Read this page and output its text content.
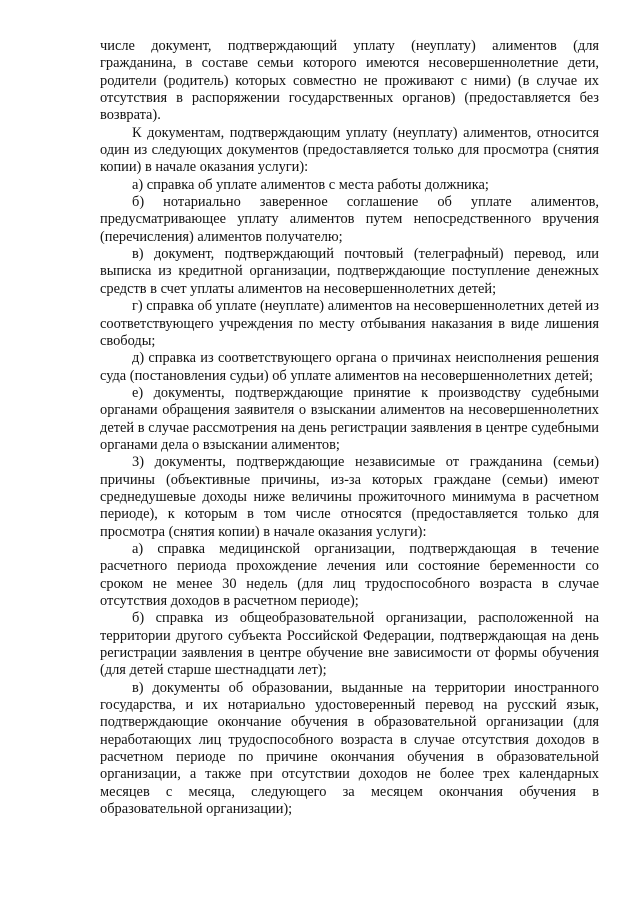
числе документ, подтверждающий уплату (неуплату) алиментов (для гражданина, в составе семьи которого имеются несовершеннолетние дети, родители (родитель) которых совместно не проживают с ними) (в случае их отсутствия в распоряжении государственных органов) (предоставляется без возврата).

К документам, подтверждающим уплату (неуплату) алиментов, относится один из следующих документов (предоставляется только для просмотра (снятия копии) в начале оказания услуги):

а) справка об уплате алиментов с места работы должника;

б) нотариально заверенное соглашение об уплате алиментов, предусматривающее уплату алиментов путем непосредственного вручения (перечисления) алиментов получателю;

в) документ, подтверждающий почтовый (телеграфный) перевод, или выписка из кредитной организации, подтверждающие поступление денежных средств в счет уплаты алиментов на несовершеннолетних детей;

г) справка об уплате (неуплате) алиментов на несовершеннолетних детей из соответствующего учреждения по месту отбывания наказания в виде лишения свободы;

д) справка из соответствующего органа о причинах неисполнения решения суда (постановления судьи) об уплате алиментов на несовершеннолетних детей;

е) документы, подтверждающие принятие к производству судебными органами обращения заявителя о взыскании алиментов на несовершеннолетних детей в случае рассмотрения на день регистрации заявления в центре судебными органами дела о взыскании алиментов;

3) документы, подтверждающие независимые от гражданина (семьи) причины (объективные причины, из-за которых граждане (семьи) имеют среднедушевые доходы ниже величины прожиточного минимума в расчетном периоде), к которым в том числе относятся (предоставляется только для просмотра (снятия копии) в начале оказания услуги):

а) справка медицинской организации, подтверждающая в течение расчетного периода прохождение лечения или состояние беременности со сроком не менее 30 недель (для лиц трудоспособного возраста в случае отсутствия доходов в расчетном периоде);

б) справка из общеобразовательной организации, расположенной на территории другого субъекта Российской Федерации, подтверждающая на день регистрации заявления в центре обучение вне зависимости от формы обучения (для детей старше шестнадцати лет);

в) документы об образовании, выданные на территории иностранного государства, и их нотариально удостоверенный перевод на русский язык, подтверждающие окончание обучения в образовательной организации (для неработающих лиц трудоспособного возраста в случае отсутствия доходов в расчетном периоде по причине окончания обучения в образовательной организации, а также при отсутствии доходов не более трех календарных месяцев с месяца, следующего за месяцем окончания обучения в образовательной организации);
